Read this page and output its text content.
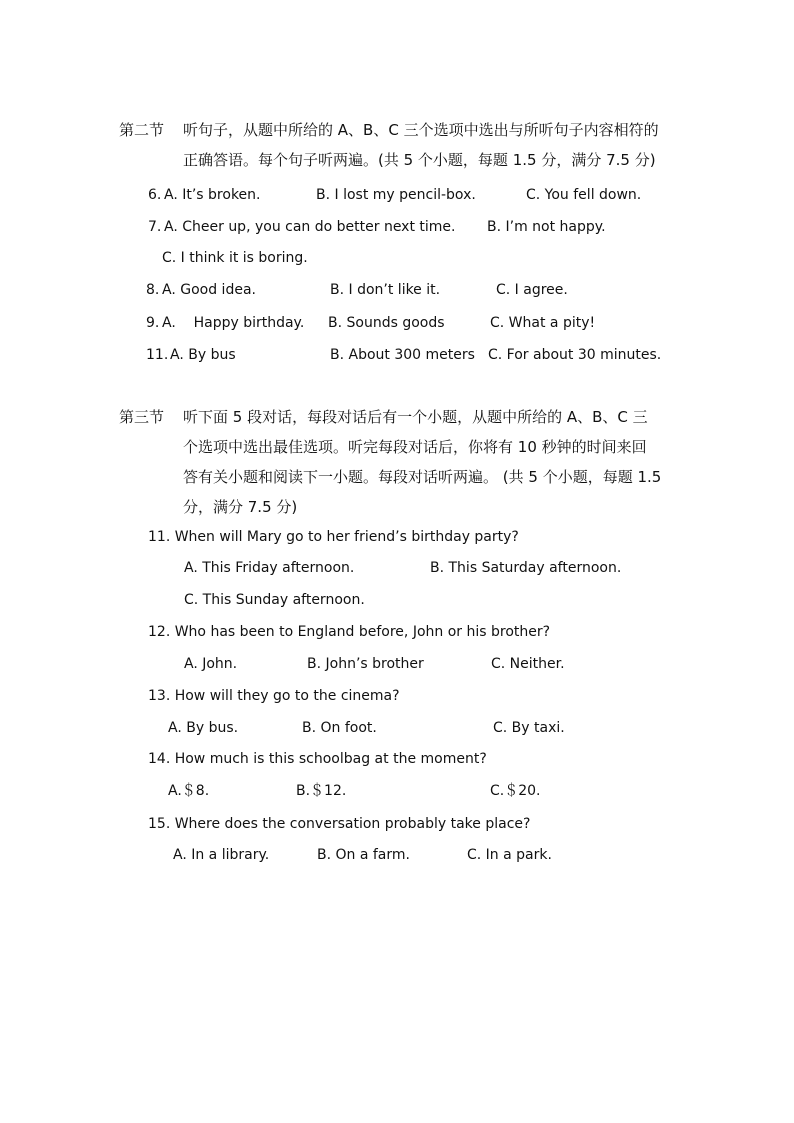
第二节 听句子，从题中所给的 A、B、C 三个选项中选出与所听句子内容相符的
正确答语。每个句子听两遍。(共 5 个小题，每题 1.5 分，满分 7.5 分)
6. A. It’s broken.	B. I lost my pencil-box.	C. You fell down.
7. A. Cheer up, you can do better next time. B. I’m not happy.
C. I think it is boring.
8. A. Good idea.	B. I don’t like it.	C. I agree.
9. A.    Happy birthday. B. Sounds goods	C. What a pity!
11. A. By bus	B. About 300 meters C. For about 30 minutes.
第三节 听下面 5 段对话，每段对话后有一个小题，从题中所给的 A、B、C 三
个选项中选出最佳选项。听完每段对话后，你将有 10 秒钟的时间来回
答有关小题和阅读下一小题。每段对话听两遍。 (共 5 个小题，每题 1.5
分，满分 7.5 分)
11. When will Mary go to her friend’s birthday party?
A. This Friday afternoon.	B. This Saturday afternoon.
C. This Sunday afternoon.
12. Who has been to England before, John or his brother?
A. John.	B. John’s brother	C. Neither.
13. How will they go to the cinema?
A. By bus.	B. On foot.	C. By taxi.
14. How much is this schoolbag at the moment?
A.＄8.	B.＄12.	C.＄20.
15. Where does the conversation probably take place?
A. In a library.	B. On a farm.	C. In a park.
